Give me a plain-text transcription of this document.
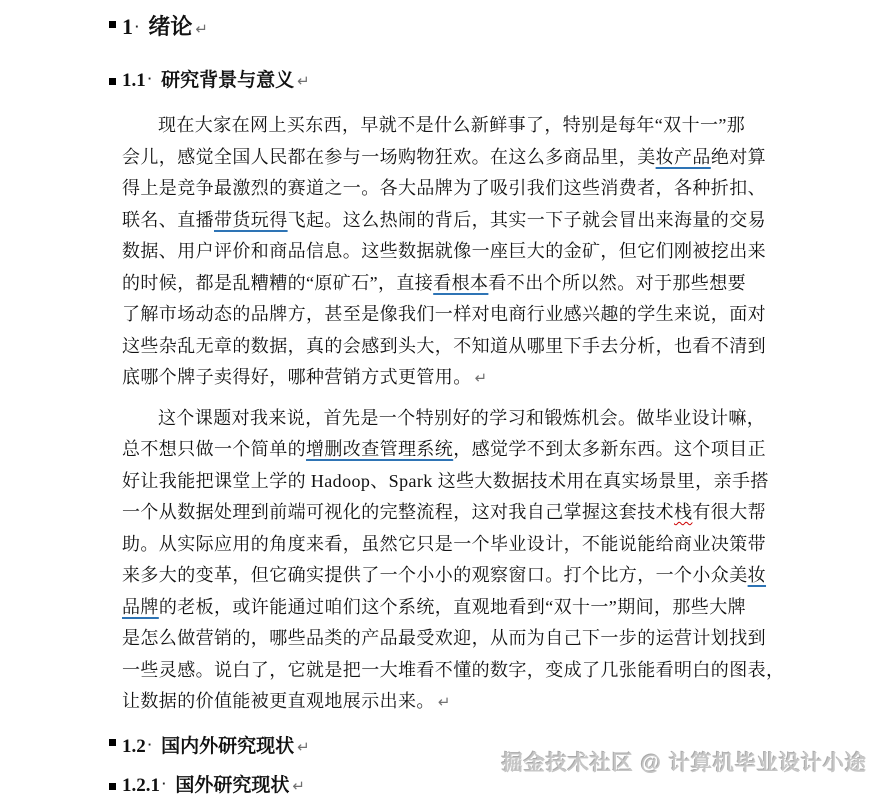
1 · 绪论 ↵
1.1 · 研究背景与意义 ↵
现在大家在网上买东西，早就不是什么新鲜事了，特别是每年“双十一”那
会儿，感觉全国人民都在参与一场购物狂欢。在这么多商品里，美妆产品绝对算
得上是竞争最激烈的赛道之一。各大品牌为了吸引我们这些消费者，各种折扣、
联名、直播带货玩得飞起。这么热闹的背后，其实一下子就会冒出来海量的交易
数据、用户评价和商品信息。这些数据就像一座巨大的金矿，但它们刚被挖出来
的时候，都是乱糟糟的“原矿石”，直接看根本看不出个所以然。对于那些想要
了解市场动态的品牌方，甚至是像我们一样对电商行业感兴趣的学生来说，面对
这些杂乱无章的数据，真的会感到头大，不知道从哪里下手去分析，也看不清到
底哪个牌子卖得好，哪种营销方式更管用。 ↵
这个课题对我来说，首先是一个特别好的学习和锻炼机会。做毕业设计嘛，
总不想只做一个简单的增删改查管理系统，感觉学不到太多新东西。这个项目正
好让我能把课堂上学的 Hadoop、Spark 这些大数据技术用在真实场景里，亲手搭
一个从数据处理到前端可视化的完整流程，这对我自己掌握这套技术栈有很大帮
助。从实际应用的角度来看，虽然它只是一个毕业设计，不能说能给商业决策带
来多大的变革，但它确实提供了一个小小的观察窗口。打个比方，一个小众美妆
品牌的老板，或许能通过咱们这个系统，直观地看到“双十一”期间，那些大牌
是怎么做营销的，哪些品类的产品最受欢迎，从而为自己下一步的运营计划找到
一些灵感。说白了，它就是把一大堆看不懂的数字，变成了几张能看明白的图表，
让数据的价值能被更直观地展示出来。 ↵
1.2 · 国内外研究现状 ↵
1.2.1 · 国外研究现状 ↵
掘金技术社区 @ 计算机毕业设计小途
